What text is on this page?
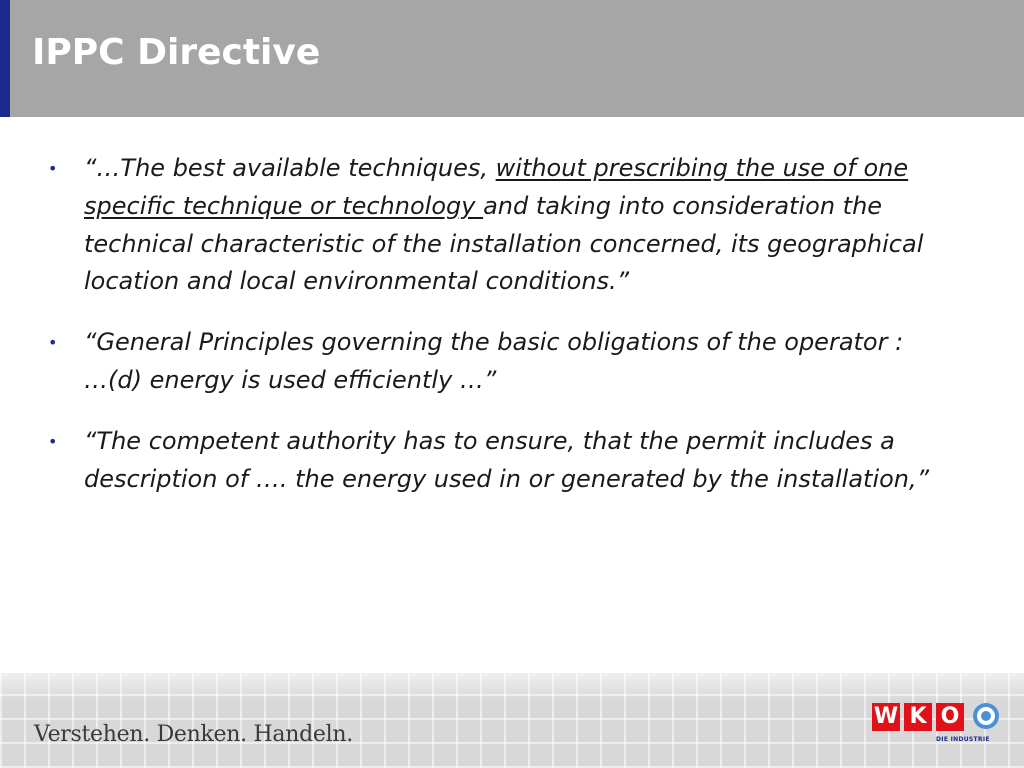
IPPC Directive
• “…The best available techniques, without prescribing the use of one specific technique or technology and taking into consideration the technical characteristic of the installation concerned, its geographical location and local environmental conditions.”
• “General Principles governing the basic obligations of the operator :
…(d) energy is used efficiently …”
• “The competent authority has to ensure, that the permit includes a description of …. the energy used in or generated by the installation,”
Verstehen. Denken. Handeln.
W K O
DIE INDUSTRIE
